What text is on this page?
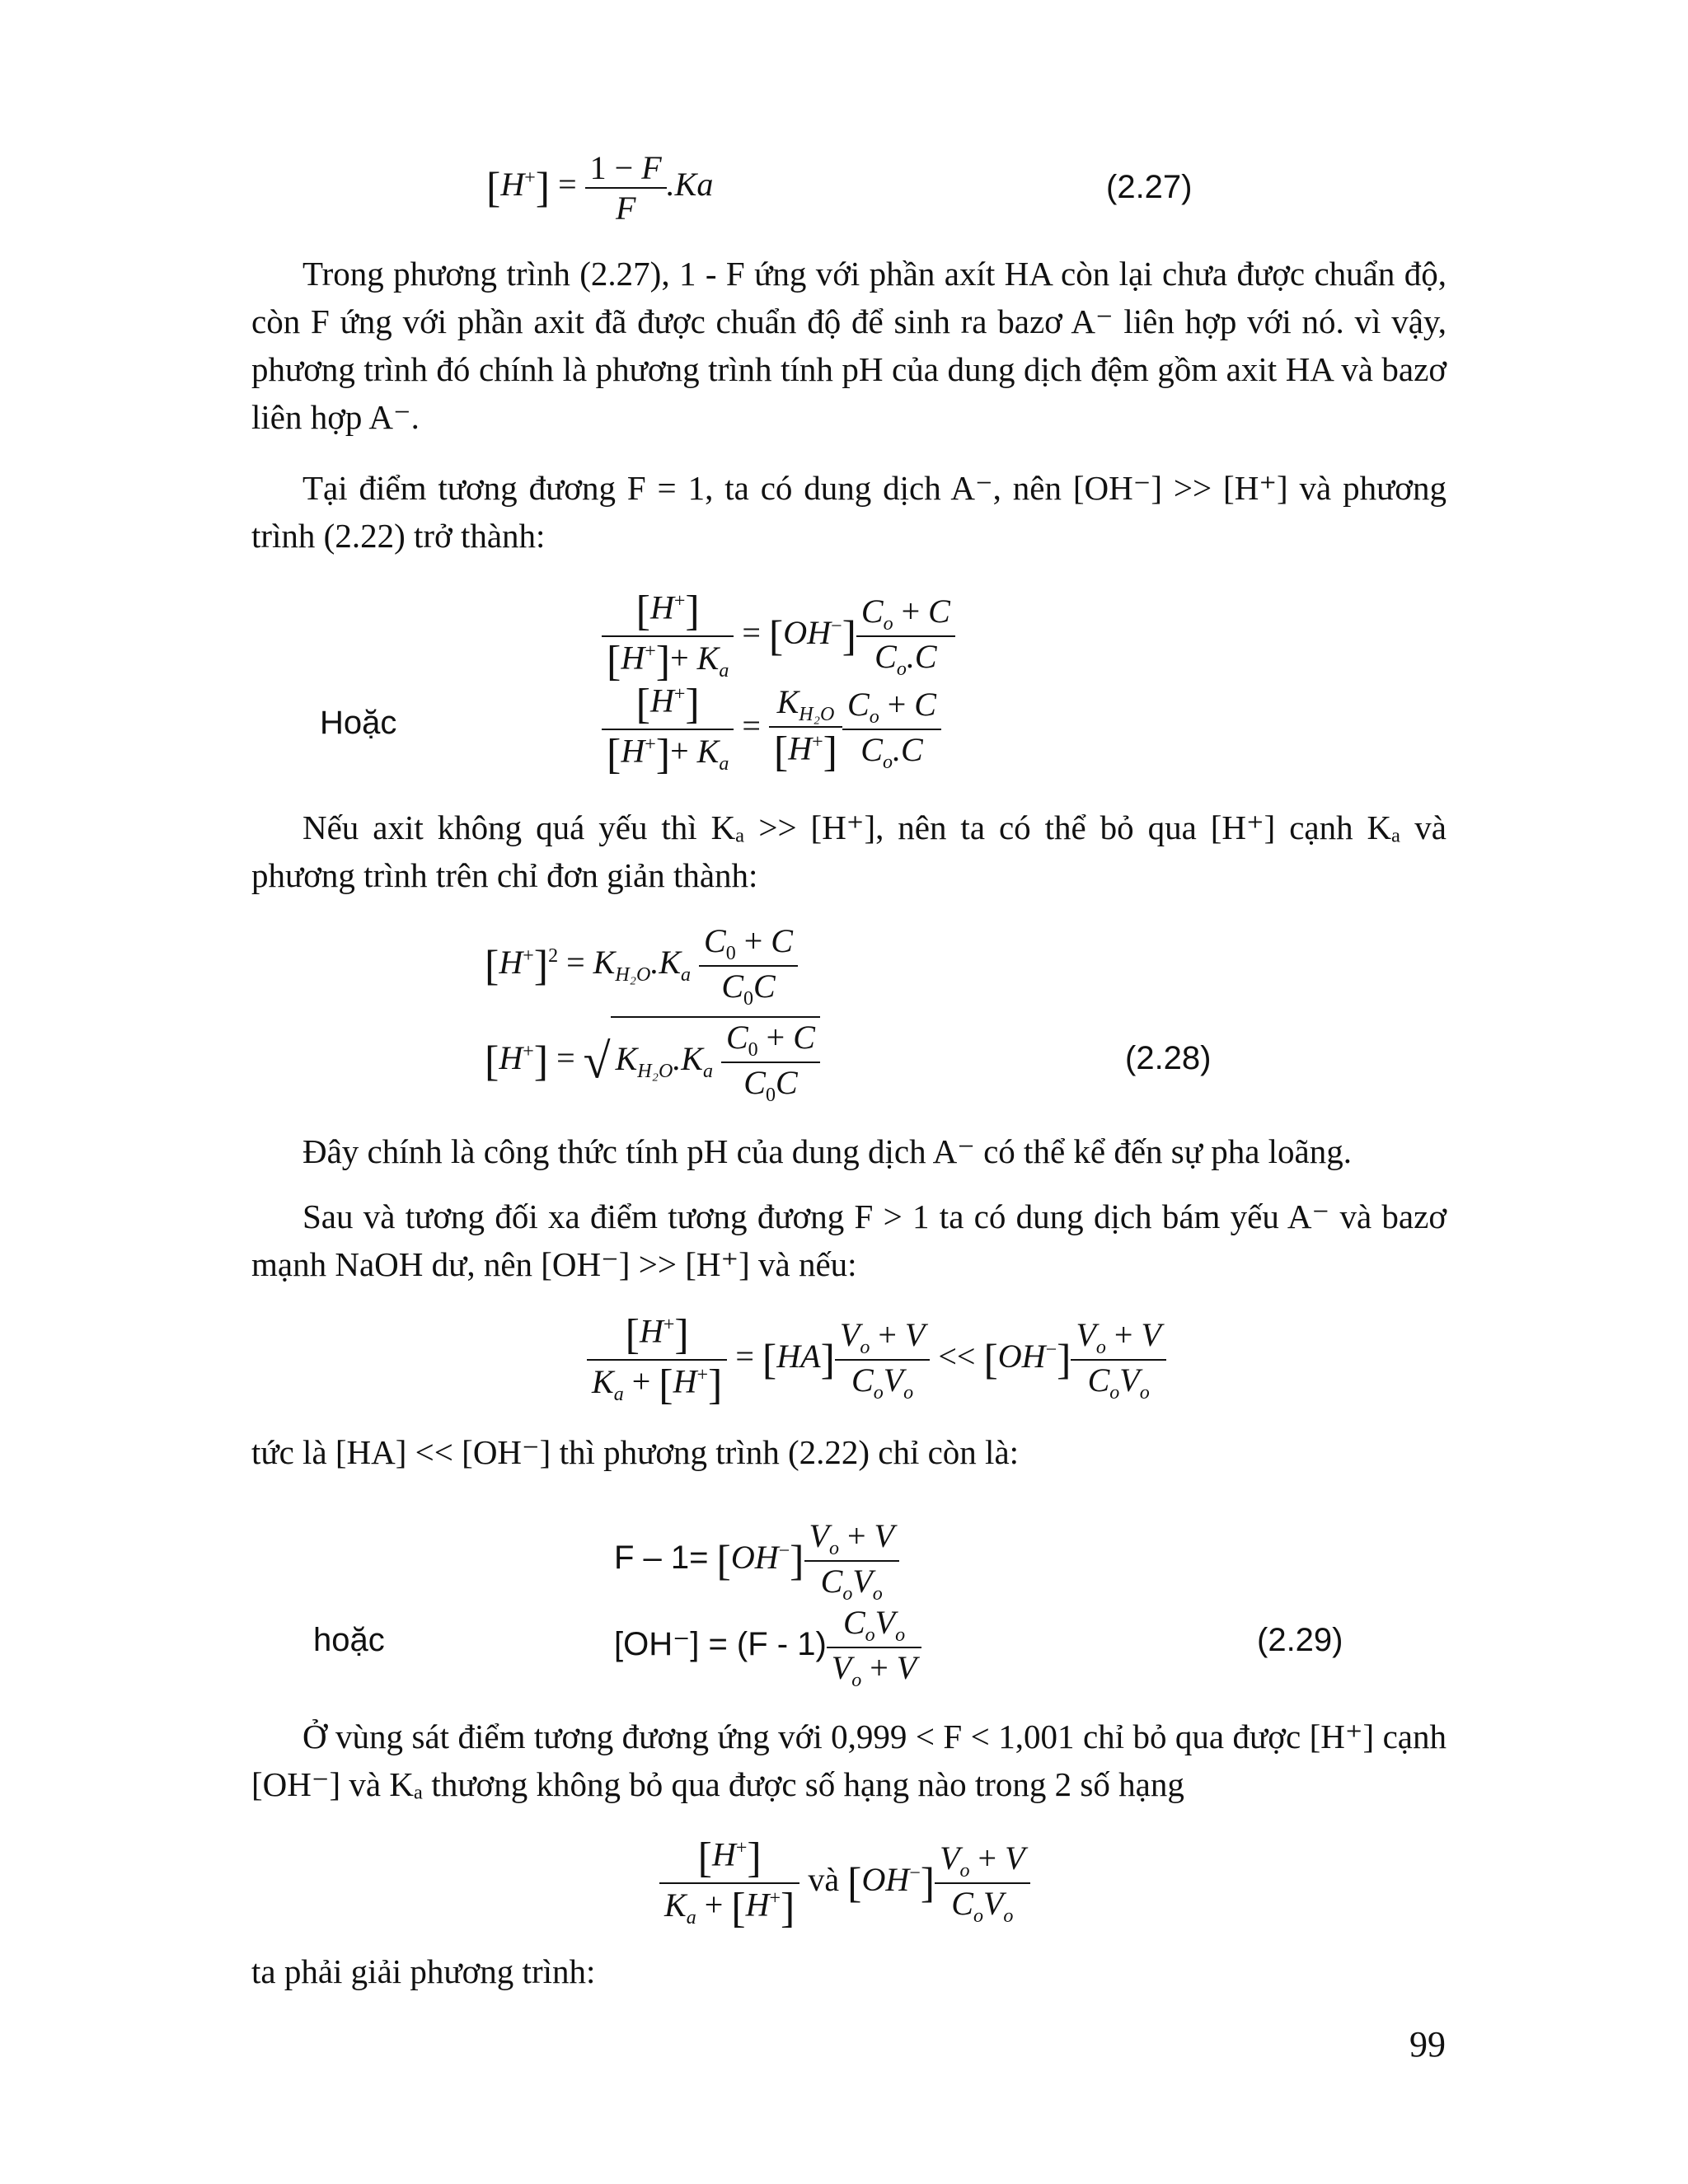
$[H^+] = \frac{1 - F}{F} .Ka$	(2.27)

Trong phương trình (2.27), 1 - F ứng với phần axít HA còn lại chưa được chuẩn độ, còn F ứng với phần axit đã được chuẩn độ để sinh ra bazơ A⁻ liên hợp với nó. vì vậy, phương trình đó chính là phương trình tính pH của dung dịch đệm gồm axit HA và bazơ liên hợp A⁻.

Tại điểm tương đương F = 1, ta có dung dịch A⁻, nên [OH⁻] >> [H⁺] và phương trình (2.22) trở thành:

$\frac{[H^+]}{[H^+]+ K_a} = [OH^-] \frac{C_o + C}{C_o.C}$
Hoặc	$\frac{[H^+]}{[H^+]+ K_a} = \frac{K_{H_2O}}{[H^+]} \frac{C_o + C}{C_o.C}$

Nếu axit không quá yếu thì Kₐ >> [H⁺], nên ta có thể bỏ qua [H⁺] cạnh Kₐ và phương trình trên chỉ đơn giản thành:

$[H^+]^2 = K_{H_2O}.K_a \frac{C_0 + C}{C_0C}$
[H+] = √ $K_{H_2O}.K_a \frac{C_0 + C}{C_0C}$	(2.28)

Đây chính là công thức tính pH của dung dịch A⁻ có thể kể đến sự pha loãng.

Sau và tương đối xa điểm tương đương F > 1 ta có dung dịch bám yếu A⁻ và bazơ mạnh NaOH dư, nên [OH⁻] >> [H⁺] và nếu:

$\frac{[H^+]}{K_a + [H^+]} = [HA] \frac{V_o + V}{C_oV_o} << [OH^-] \frac{V_o + V}{C_oV_o}$

tức là [HA] << [OH⁻] thì phương trình (2.22) chỉ còn là:

$F - 1= [OH^-] \frac{V_o + V}{C_oV_o}$
hoặc	$[OH^-] = (F - 1) \frac{C_oV_o}{V_o + V}$	(2.29)

Ở vùng sát điểm tương đương ứng với 0,999 < F < 1,001 chỉ bỏ qua được [H⁺] cạnh [OH⁻] và Kₐ thương không bỏ qua được số hạng nào trong 2 số hạng

$\frac{[H^+]}{K_a + [H^+]}$ và $[OH^-] \frac{V_o + V}{C_oV_o}$

ta phải giải phương trình:

99
